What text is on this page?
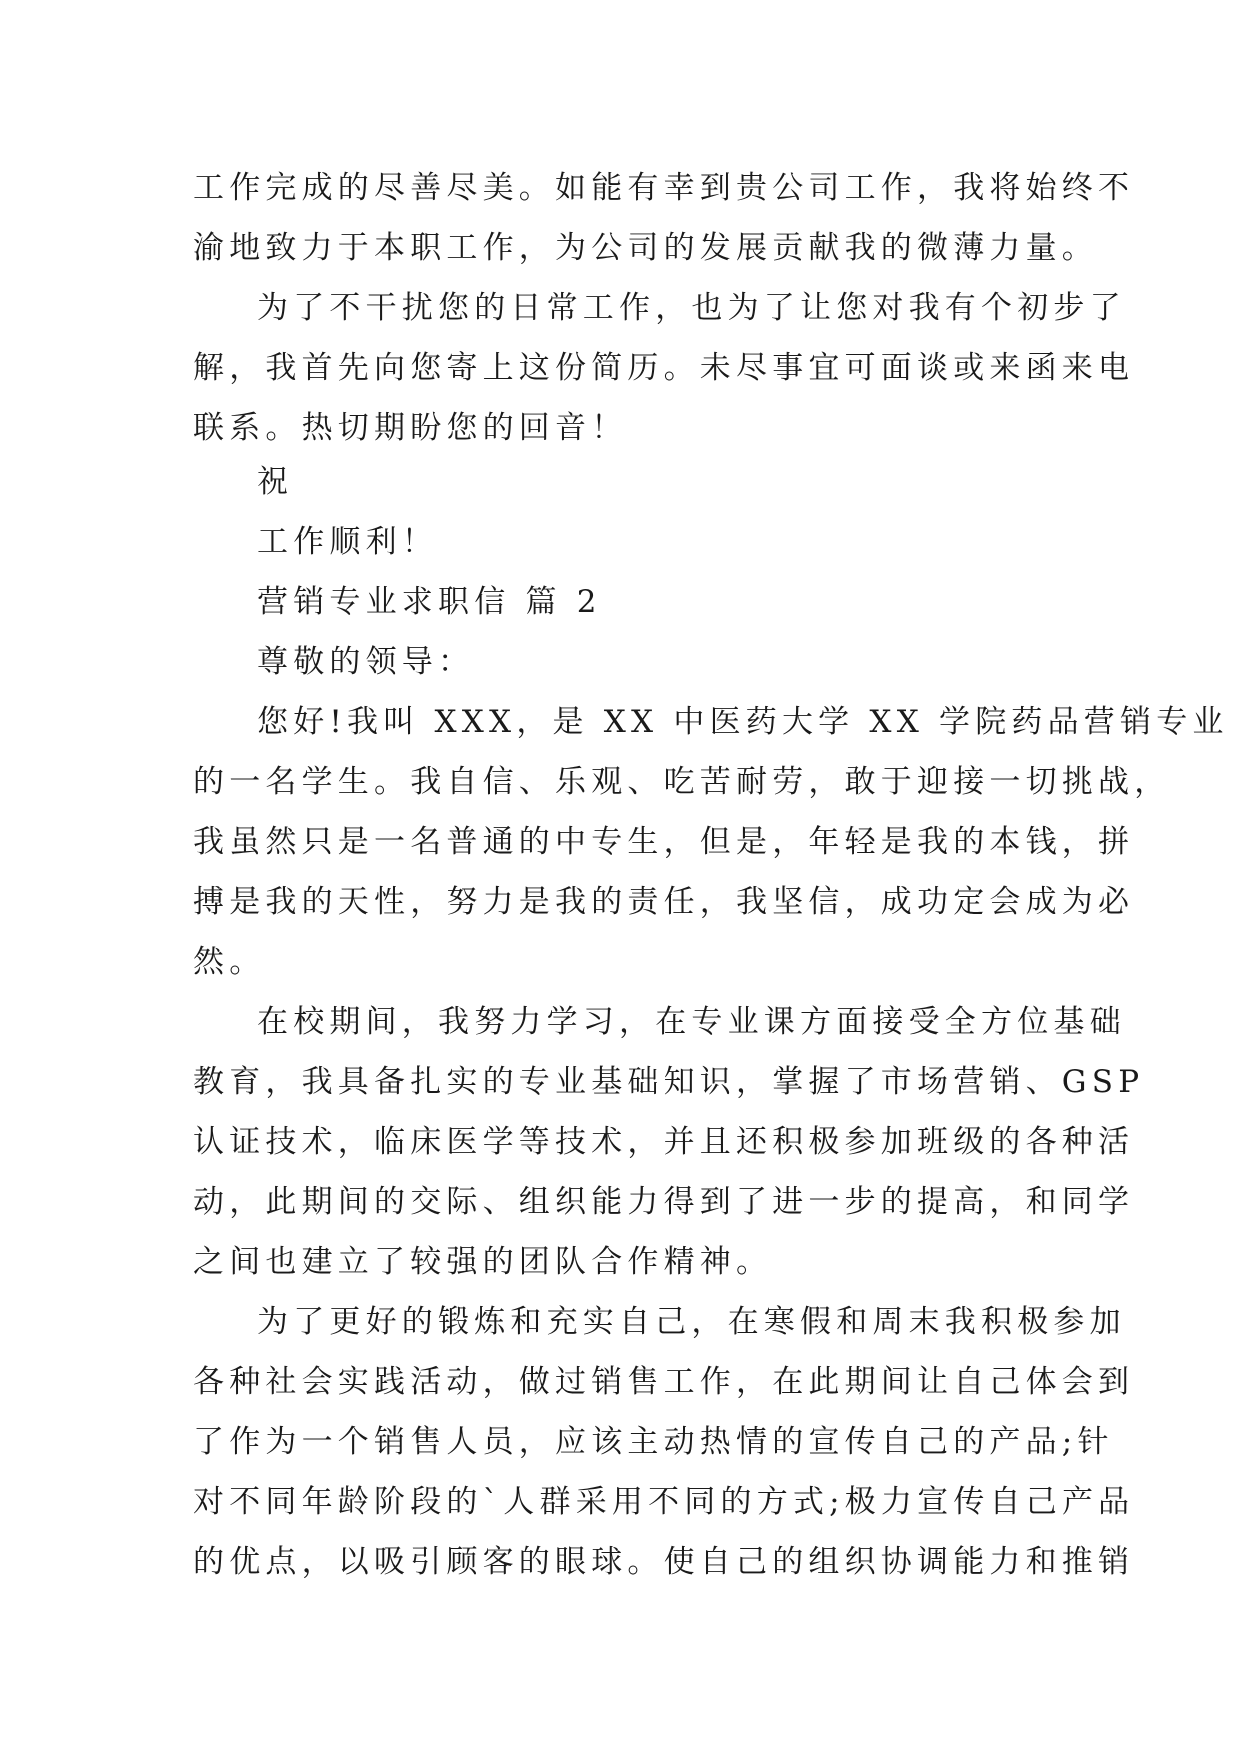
工作完成的尽善尽美。如能有幸到贵公司工作，我将始终不
渝地致力于本职工作，为公司的发展贡献我的微薄力量。
为了不干扰您的日常工作，也为了让您对我有个初步了
解，我首先向您寄上这份简历。未尽事宜可面谈或来函来电
联系。热切期盼您的回音！
祝
工作顺利！
营销专业求职信 篇 2
尊敬的领导：
您好!我叫 XXX，是 XX 中医药大学 XX 学院药品营销专业
的一名学生。我自信、乐观、吃苦耐劳，敢于迎接一切挑战，
我虽然只是一名普通的中专生，但是，年轻是我的本钱，拼
搏是我的天性，努力是我的责任，我坚信，成功定会成为必
然。
在校期间，我努力学习，在专业课方面接受全方位基础
教育，我具备扎实的专业基础知识，掌握了市场营销、GSP
认证技术，临床医学等技术，并且还积极参加班级的各种活
动，此期间的交际、组织能力得到了进一步的提高，和同学
之间也建立了较强的团队合作精神。
为了更好的锻炼和充实自己，在寒假和周末我积极参加
各种社会实践活动，做过销售工作，在此期间让自己体会到
了作为一个销售人员，应该主动热情的宣传自己的产品;针
对不同年龄阶段的`人群采用不同的方式;极力宣传自己产品
的优点，以吸引顾客的眼球。使自己的组织协调能力和推销
